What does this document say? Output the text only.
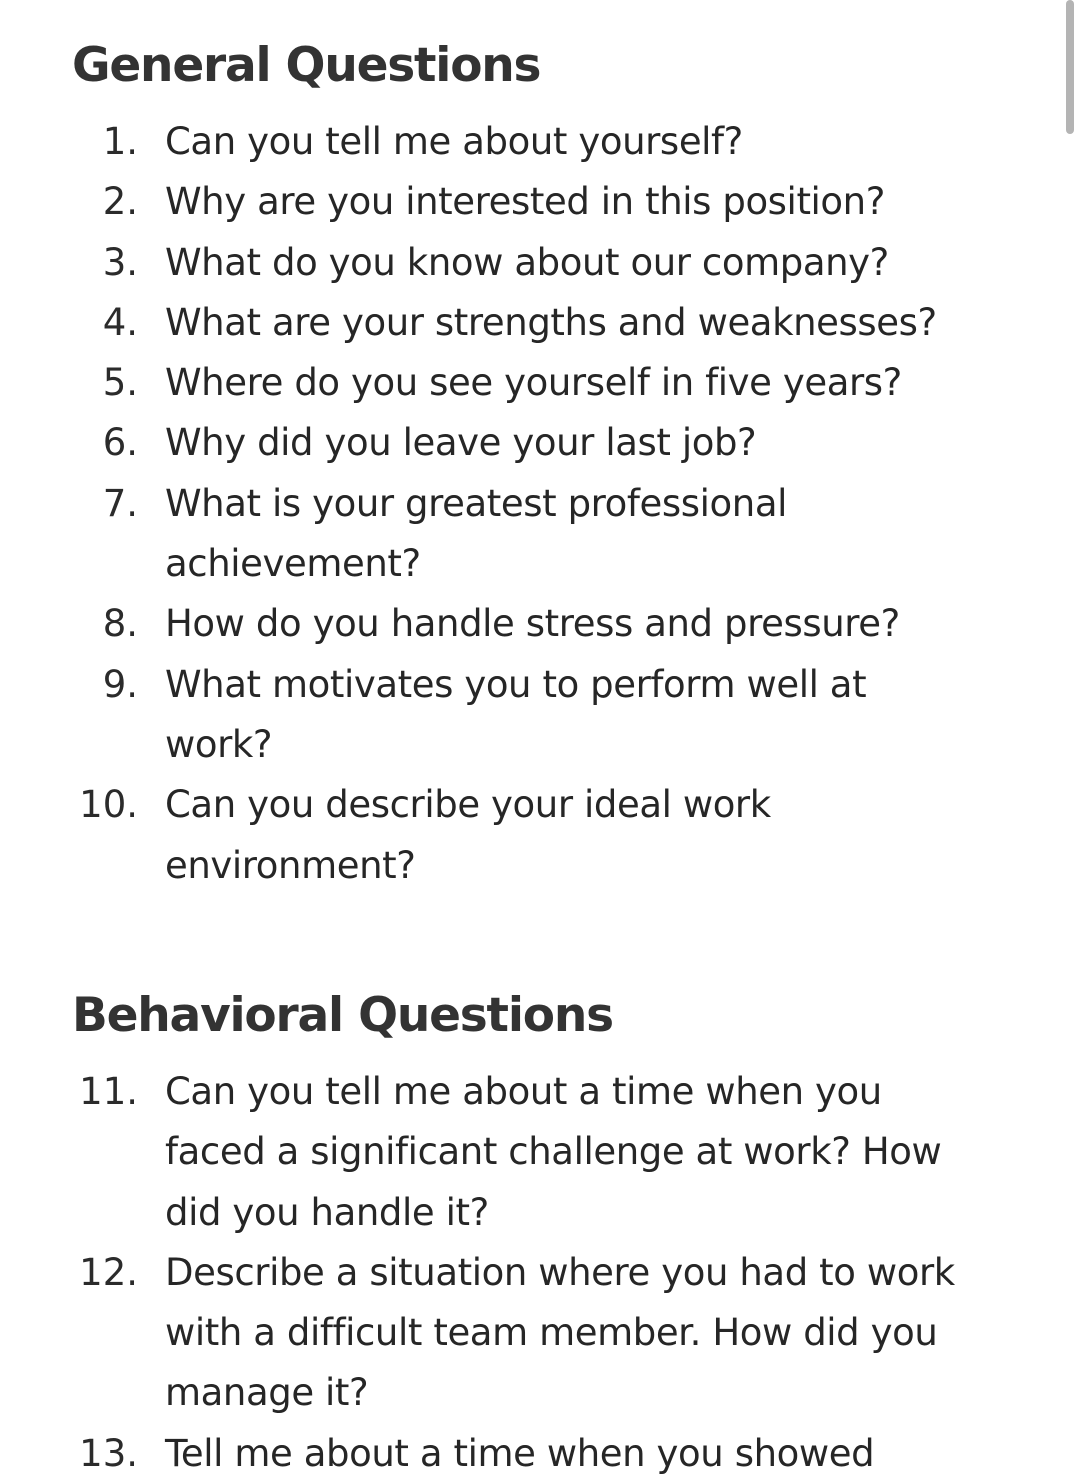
General Questions
1. Can you tell me about yourself?
2. Why are you interested in this position?
3. What do you know about our company?
4. What are your strengths and weaknesses?
5. Where do you see yourself in five years?
6. Why did you leave your last job?
7. What is your greatest professional achievement?
8. How do you handle stress and pressure?
9. What motivates you to perform well at work?
10. Can you describe your ideal work environment?
Behavioral Questions
11. Can you tell me about a time when you faced a significant challenge at work? How did you handle it?
12. Describe a situation where you had to work with a difficult team member. How did you manage it?
13. Tell me about a time when you showed
